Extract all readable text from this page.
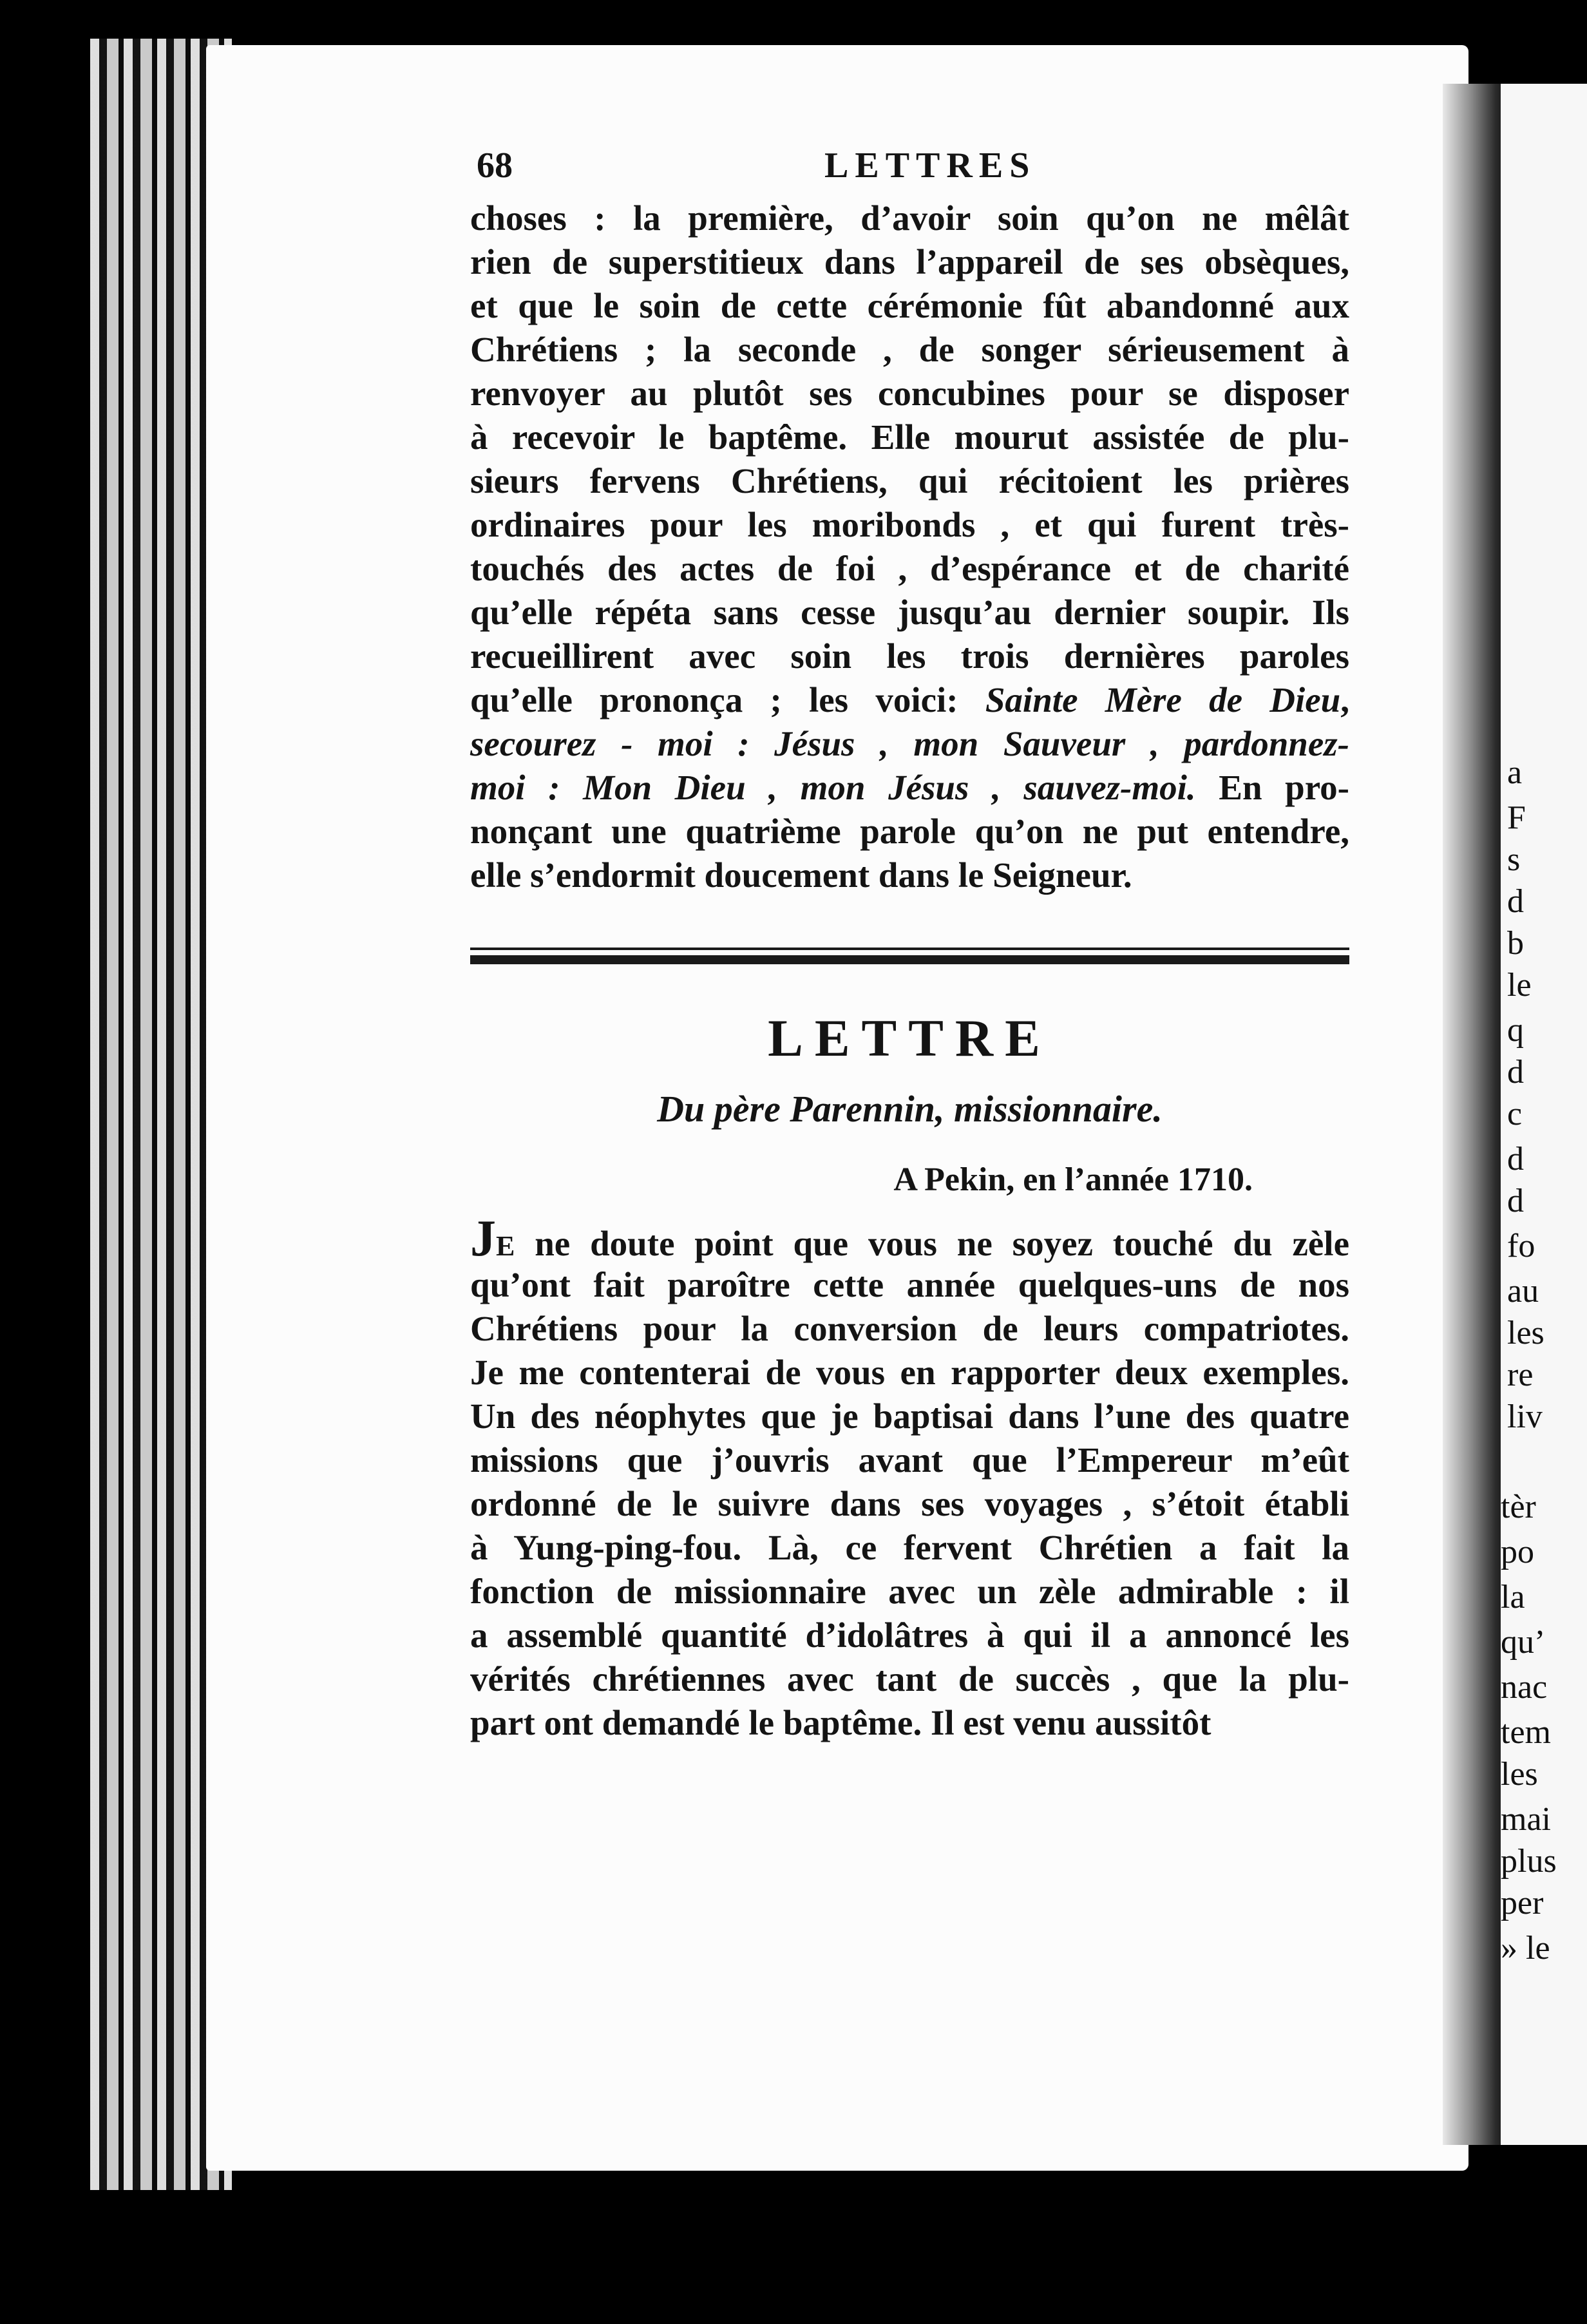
a
F
s
d
b
le
q
d
c
d
d
fo
au
les
re
liv
tèr
po
la
qu’
nac
tem
les
mai
plus
per
» le
68	LETTRES
choses : la première, d’avoir soin qu’on ne mêlât
rien de superstitieux dans l’appareil de ses obsèques,
et que le soin de cette cérémonie fût abandonné aux
Chrétiens ; la seconde , de songer sérieusement à
renvoyer au plutôt ses concubines pour se disposer
à recevoir le baptême. Elle mourut assistée de plu-
sieurs fervens Chrétiens, qui récitoient les prières
ordinaires pour les moribonds , et qui furent très-
touchés des actes de foi , d’espérance et de charité
qu’elle répéta sans cesse jusqu’au dernier soupir. Ils
recueillirent avec soin les trois dernières paroles
qu’elle prononça ; les voici: Sainte Mère de Dieu,
secourez - moi : Jésus , mon Sauveur , pardonnez-
moi : Mon Dieu , mon Jésus , sauvez-moi. En pro-
nonçant une quatrième parole qu’on ne put entendre,
elle s’endormit doucement dans le Seigneur.
LETTRE
Du père Parennin, missionnaire.
A Pekin, en l’année 1710.
JE ne doute point que vous ne soyez touché du zèle
qu’ont fait paroître cette année quelques-uns de nos
Chrétiens pour la conversion de leurs compatriotes.
Je me contenterai de vous en rapporter deux exemples.
Un des néophytes que je baptisai dans l’une des quatre
missions que j’ouvris avant que l’Empereur m’eût
ordonné de le suivre dans ses voyages , s’étoit établi
à Yung-ping-fou. Là, ce fervent Chrétien a fait la
fonction de missionnaire avec un zèle admirable : il
a assemblé quantité d’idolâtres à qui il a annoncé les
vérités chrétiennes avec tant de succès , que la plu-
part ont demandé le baptême. Il est venu aussitôt
